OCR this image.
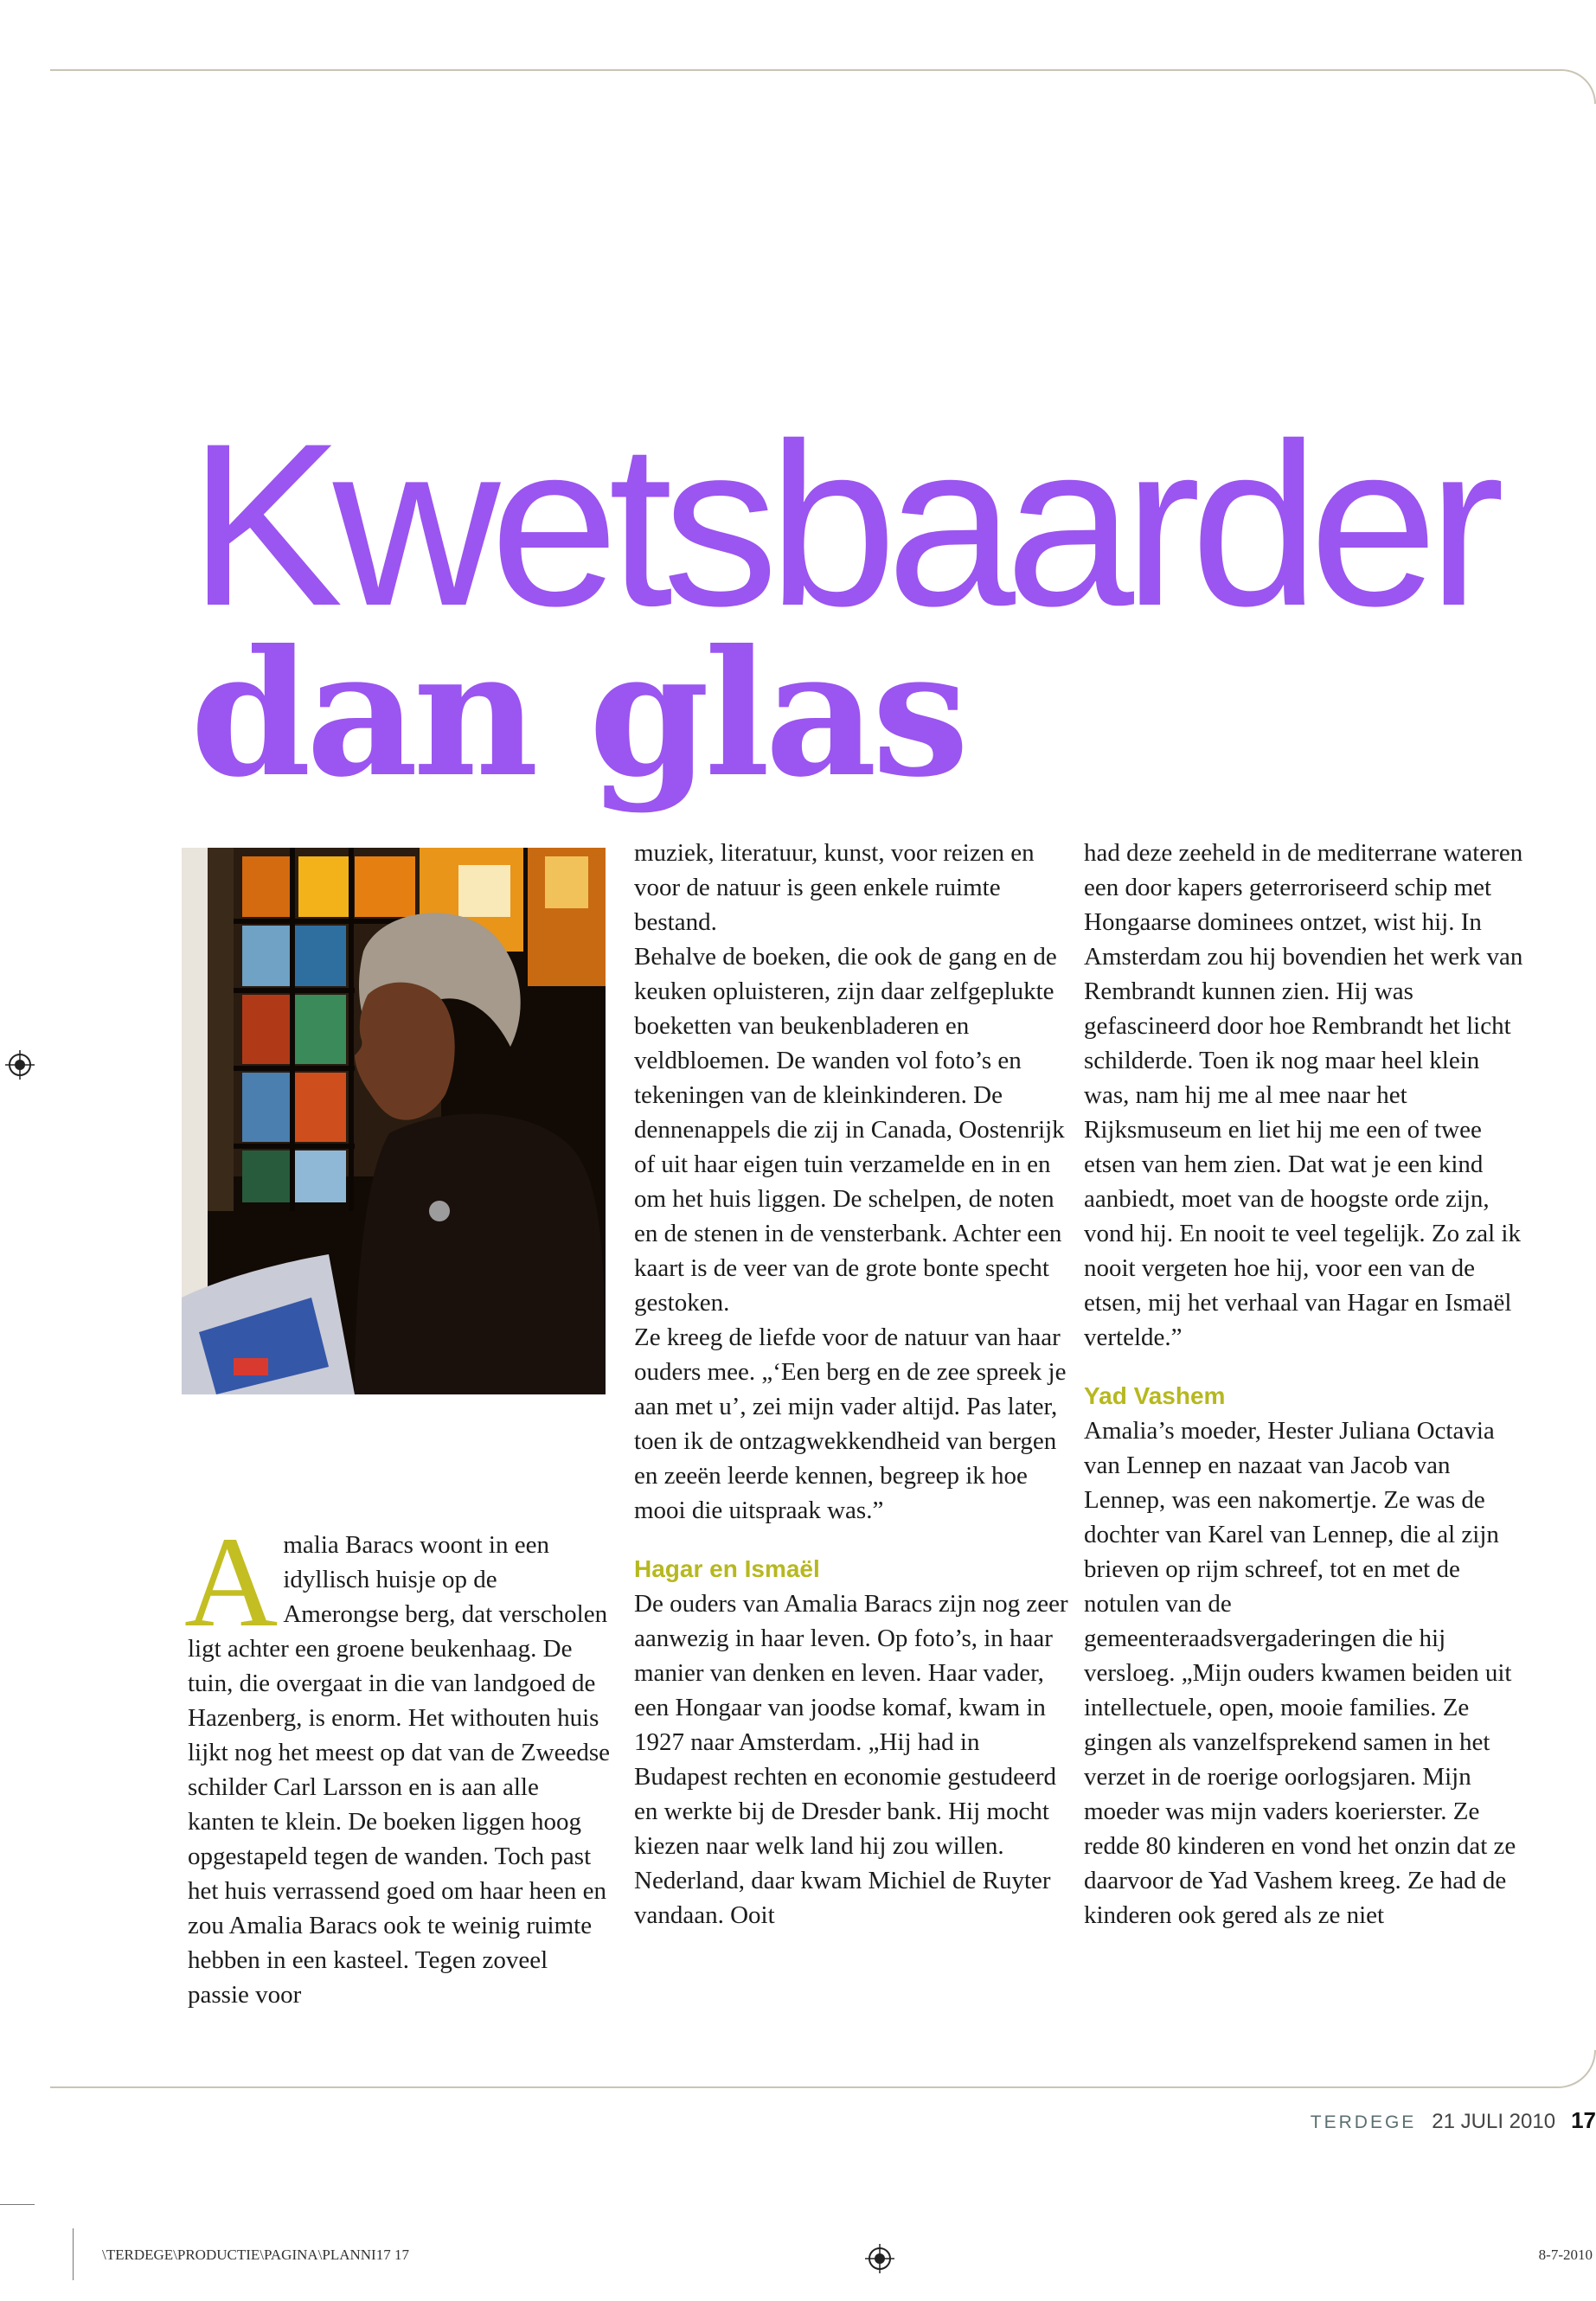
Kwetsbaarder
dan glas

Amalia Baracs woont in een idyllisch huisje op de Amerongse berg, dat verscholen ligt achter een groene beukenhaag. De tuin, die overgaat in die van landgoed de Hazenberg, is enorm. Het withouten huis lijkt nog het meest op dat van de Zweedse schilder Carl Larsson en is aan alle kanten te klein. De boeken liggen hoog opgestapeld tegen de wanden. Toch past het huis verrassend goed om haar heen en zou Amalia Baracs ook te weinig ruimte hebben in een kasteel. Tegen zoveel passie voor

muziek, literatuur, kunst, voor reizen en voor de natuur is geen enkele ruimte bestand.

Behalve de boeken, die ook de gang en de keuken opluisteren, zijn daar zelfgeplukte boeketten van beukenbladeren en veldbloemen. De wanden vol foto’s en tekeningen van de kleinkinderen. De dennenappels die zij in Canada, Oostenrijk of uit haar eigen tuin verzamelde en in en om het huis liggen. De schelpen, de noten en de stenen in de vensterbank. Achter een kaart is de veer van de grote bonte specht gestoken.

Ze kreeg de liefde voor de natuur van haar ouders mee. „‘Een berg en de zee spreek je aan met u’, zei mijn vader altijd. Pas later, toen ik de ontzagwekkendheid van bergen en zeeën leerde kennen, begreep ik hoe mooi die uitspraak was.”

Hagar en Ismaël

De ouders van Amalia Baracs zijn nog zeer aanwezig in haar leven. Op foto’s, in haar manier van denken en leven. Haar vader, een Hongaar van joodse komaf, kwam in 1927 naar Amsterdam. „Hij had in Budapest rechten en economie gestudeerd en werkte bij de Dresder bank. Hij mocht kiezen naar welk land hij zou willen. Nederland, daar kwam Michiel de Ruyter vandaan. Ooit

had deze zeeheld in de mediterrane wateren een door kapers geterroriseerd schip met Hongaarse dominees ontzet, wist hij. In Amsterdam zou hij bovendien het werk van Rembrandt kunnen zien. Hij was gefascineerd door hoe Rembrandt het licht schilderde. Toen ik nog maar heel klein was, nam hij me al mee naar het Rijksmuseum en liet hij me een of twee etsen van hem zien. Dat wat je een kind aanbiedt, moet van de hoogste orde zijn, vond hij. En nooit te veel tegelijk. Zo zal ik nooit vergeten hoe hij, voor een van de etsen, mij het verhaal van Hagar en Ismaël vertelde.”

Yad Vashem

Amalia’s moeder, Hester Juliana Octavia van Lennep en nazaat van Jacob van Lennep, was een nakomertje. Ze was de dochter van Karel van Lennep, die al zijn brieven op rijm schreef, tot en met de notulen van de gemeenteraadsvergaderingen die hij versloeg. „Mijn ouders kwamen beiden uit intellectuele, open, mooie families. Ze gingen als vanzelfsprekend samen in het verzet in de roerige oorlogsjaren. Mijn moeder was mijn vaders koerierster. Ze redde 80 kinderen en vond het onzin dat ze daarvoor de Yad Vashem kreeg. Ze had de kinderen ook gered als ze niet

TERDEGE 21 JULI 2010 17
\TERDEGE\PRODUCTIE\PAGINA\PLANNI17 17	8-7-2010
